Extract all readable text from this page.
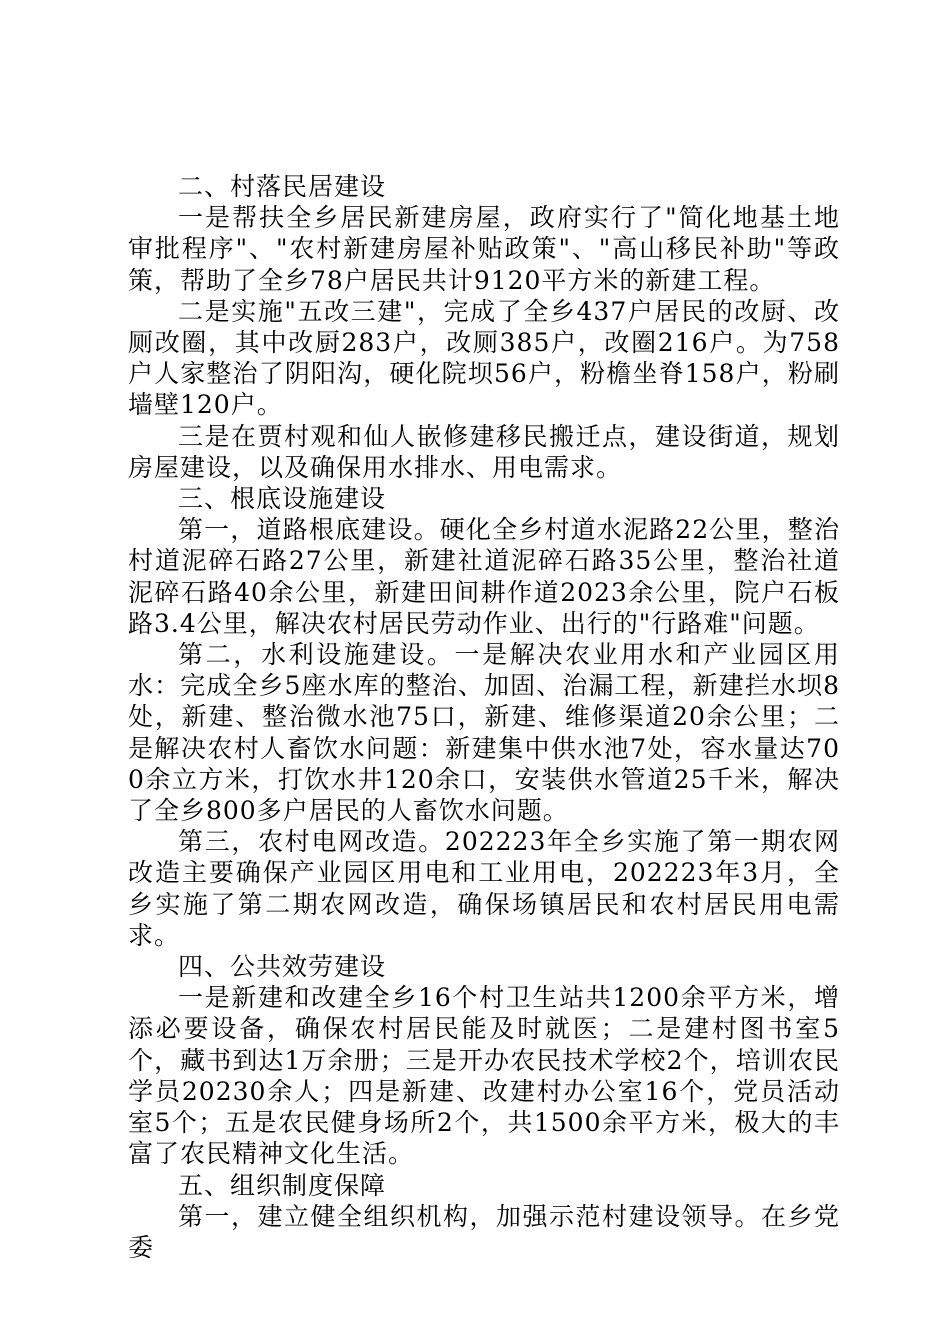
二、村落民居建设

一是帮扶全乡居民新建房屋，政府实行了"简化地基土地审批程序"、"农村新建房屋补贴政策"、"高山移民补助"等政策，帮助了全乡78户居民共计9120平方米的新建工程。

二是实施"五改三建"，完成了全乡437户居民的改厨、改厕改圈，其中改厨283户，改厕385户，改圈216户。为758户人家整治了阴阳沟，硬化院坝56户，粉檐坐脊158户，粉刷墙壁120户。

三是在贾村观和仙人嵌修建移民搬迁点，建设街道，规划房屋建设，以及确保用水排水、用电需求。

三、根底设施建设

第一，道路根底建设。硬化全乡村道水泥路22公里，整治村道泥碎石路27公里，新建社道泥碎石路35公里，整治社道泥碎石路40余公里，新建田间耕作道2023余公里，院户石板路3.4公里，解决农村居民劳动作业、出行的"行路难"问题。

第二，水利设施建设。一是解决农业用水和产业园区用水：完成全乡5座水库的整治、加固、治漏工程，新建拦水坝8处，新建、整治微水池75口，新建、维修渠道20余公里；二是解决农村人畜饮水问题：新建集中供水池7处，容水量达700余立方米，打饮水井120余口，安装供水管道25千米，解决了全乡800多户居民的人畜饮水问题。

第三，农村电网改造。202223年全乡实施了第一期农网改造主要确保产业园区用电和工业用电，202223年3月，全乡实施了第二期农网改造，确保场镇居民和农村居民用电需求。

四、公共效劳建设

一是新建和改建全乡16个村卫生站共1200余平方米，增添必要设备，确保农村居民能及时就医；二是建村图书室5个，藏书到达1万余册；三是开办农民技术学校2个，培训农民学员20230余人；四是新建、改建村办公室16个，党员活动室5个；五是农民健身场所2个，共1500余平方米，极大的丰富了农民精神文化生活。

五、组织制度保障

第一，建立健全组织机构，加强示范村建设领导。在乡党委
